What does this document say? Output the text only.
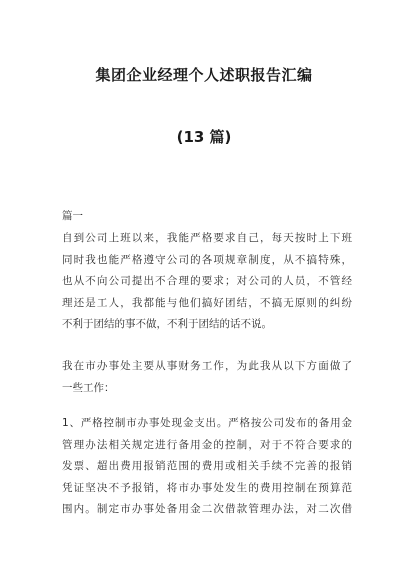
集团企业经理个人述职报告汇编
(13 篇)
篇一
自到公司上班以来，我能严格要求自己，每天按时上下班
同时我也能严格遵守公司的各项规章制度，从不搞特殊，
也从不向公司提出不合理的要求；对公司的人员，不管经
理还是工人，我都能与他们搞好团结，不搞无原则的纠纷
不利于团结的事不做，不利于团结的话不说。
我在市办事处主要从事财务工作，为此我从以下方面做了
一些工作：
1、严格控制市办事处现金支出。严格按公司发布的备用金
管理办法相关规定进行备用金的控制，对于不符合要求的
发票、超出费用报销范围的费用或相关手续不完善的报销
凭证坚决不予报销，将市办事处发生的费用控制在预算范
围内。制定市办事处备用金二次借款管理办法，对二次借
